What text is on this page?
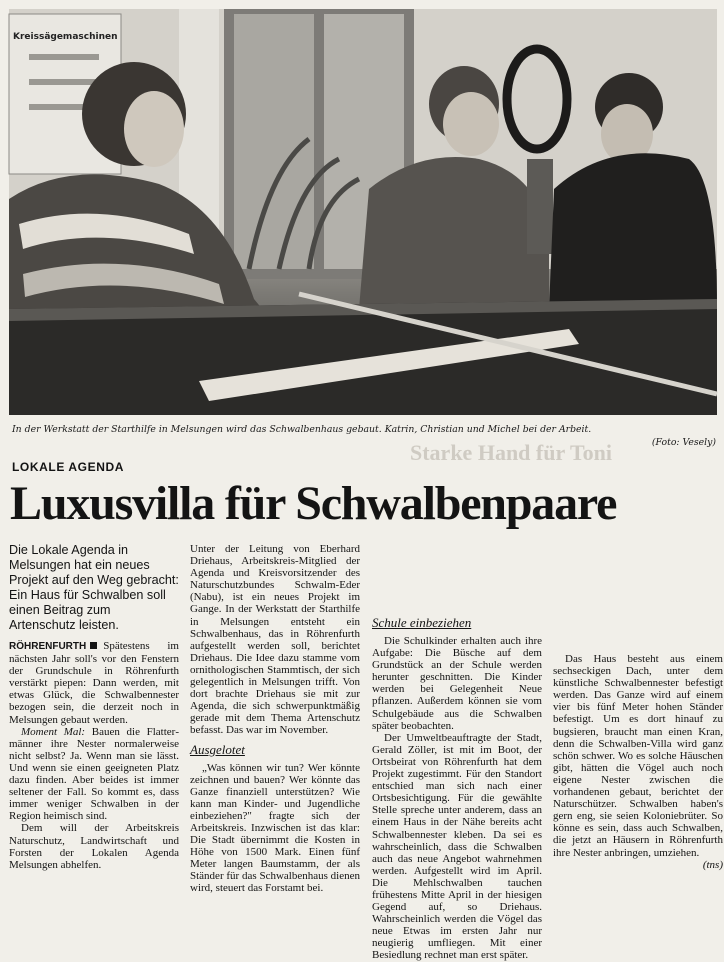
Kreissägemaschinen
In der Werkstatt der Starthilfe in Melsungen wird das Schwalbenhaus gebaut. Katrin, Christian und Michel bei der Arbeit.
(Foto: Vesely)
Starke Hand für Toni
LOKALE AGENDA
Luxusvilla für Schwalbenpaare
Die Lokale Agenda in Melsungen hat ein neues Projekt auf den Weg gebracht: Ein Haus für Schwalben soll einen Beitrag zum Artenschutz leisten.

RÖHRENFURTH Spätestens im nächsten Jahr soll's vor den Fenstern der Grundschule in Röhrenfurth verstärkt piepen: Dann werden, mit etwas Glück, die Schwalbennester bezogen sein, die derzeit noch in Melsungen gebaut werden.

Moment Mal: Bauen die Flattermänner ihre Nester normalerweise nicht selbst? Ja. Wenn man sie lässt. Und wenn sie einen geeigneten Platz dazu finden. Aber beides ist immer seltener der Fall. So kommt es, dass immer weniger Schwalben in der Region heimisch sind.

Dem will der Arbeitskreis Naturschutz, Landwirtschaft und Forsten der Lokalen Agenda Melsungen abhelfen.

Unter der Leitung von Eberhard Driehaus, Arbeitskreis-Mitglied der Agenda und Kreisvorsitzender des Naturschutzbundes Schwalm-Eder (Nabu), ist ein neues Projekt im Gange. In der Werkstatt der Starthilfe in Melsungen entsteht ein Schwalbenhaus, das in Röhrenfurth aufgestellt werden soll, berichtet Driehaus. Die Idee dazu stamme vom ornithologischen Stammtisch, der sich gelegentlich in Melsungen trifft. Von dort brachte Driehaus sie mit zur Agenda, die sich schwerpunktmäßig gerade mit dem Thema Artenschutz befasst. Das war im November.

Ausgelotet

„Was können wir tun? Wer könnte zeichnen und bauen? Wer könnte das Ganze finanziell unterstützen? Wie kann man Kinder- und Jugendliche einbeziehen?" fragte sich der Arbeitskreis. Inzwischen ist das klar: Die Stadt übernimmt die Kosten in Höhe von 1500 Mark. Einen fünf Meter langen Baumstamm, der als Ständer für das Schwalbenhaus dienen wird, steuert das Forstamt bei.

Schule einbeziehen

Die Schulkinder erhalten auch ihre Aufgabe: Die Büsche auf dem Grundstück an der Schule werden herunter geschnitten. Die Kinder werden bei Gelegenheit Neue pflanzen. Außerdem können sie vom Schulgebäude aus die Schwalben später beobachten.

Der Umweltbeauftragte der Stadt, Gerald Zöller, ist mit im Boot, der Ortsbeirat von Röhrenfurth hat dem Projekt zugestimmt. Für den Standort entschied man sich nach einer Ortsbesichtigung. Für die gewählte Stelle spreche unter anderem, dass an einem Haus in der Nähe bereits acht Schwalbennester kleben. Da sei es wahrscheinlich, dass die Schwalben auch das neue Angebot wahrnehmen werden. Aufgestellt wird im April. Die Mehlschwalben tauchen frühestens Mitte April in der hiesigen Gegend auf, so Driehaus. Wahrscheinlich werden die Vögel das neue Etwas im ersten Jahr nur neugierig umfliegen. Mit einer Besiedlung rechnet man erst später.

Das Haus besteht aus einem sechseckigen Dach, unter dem künstliche Schwalbennester befestigt werden. Das Ganze wird auf einem vier bis fünf Meter hohen Ständer befestigt. Um es dort hinauf zu bugsieren, braucht man einen Kran, denn die Schwalben-Villa wird ganz schön schwer. Wo es solche Häuschen gibt, hätten die Vögel auch noch eigene Nester zwischen die vorhandenen gebaut, berichtet der Naturschützer. Schwalben haben's gern eng, sie seien Koloniebrüter. So könne es sein, dass auch Schwalben, die jetzt an Häusern in Röhrenfurth ihre Nester anbringen, umziehen.

(tns)
